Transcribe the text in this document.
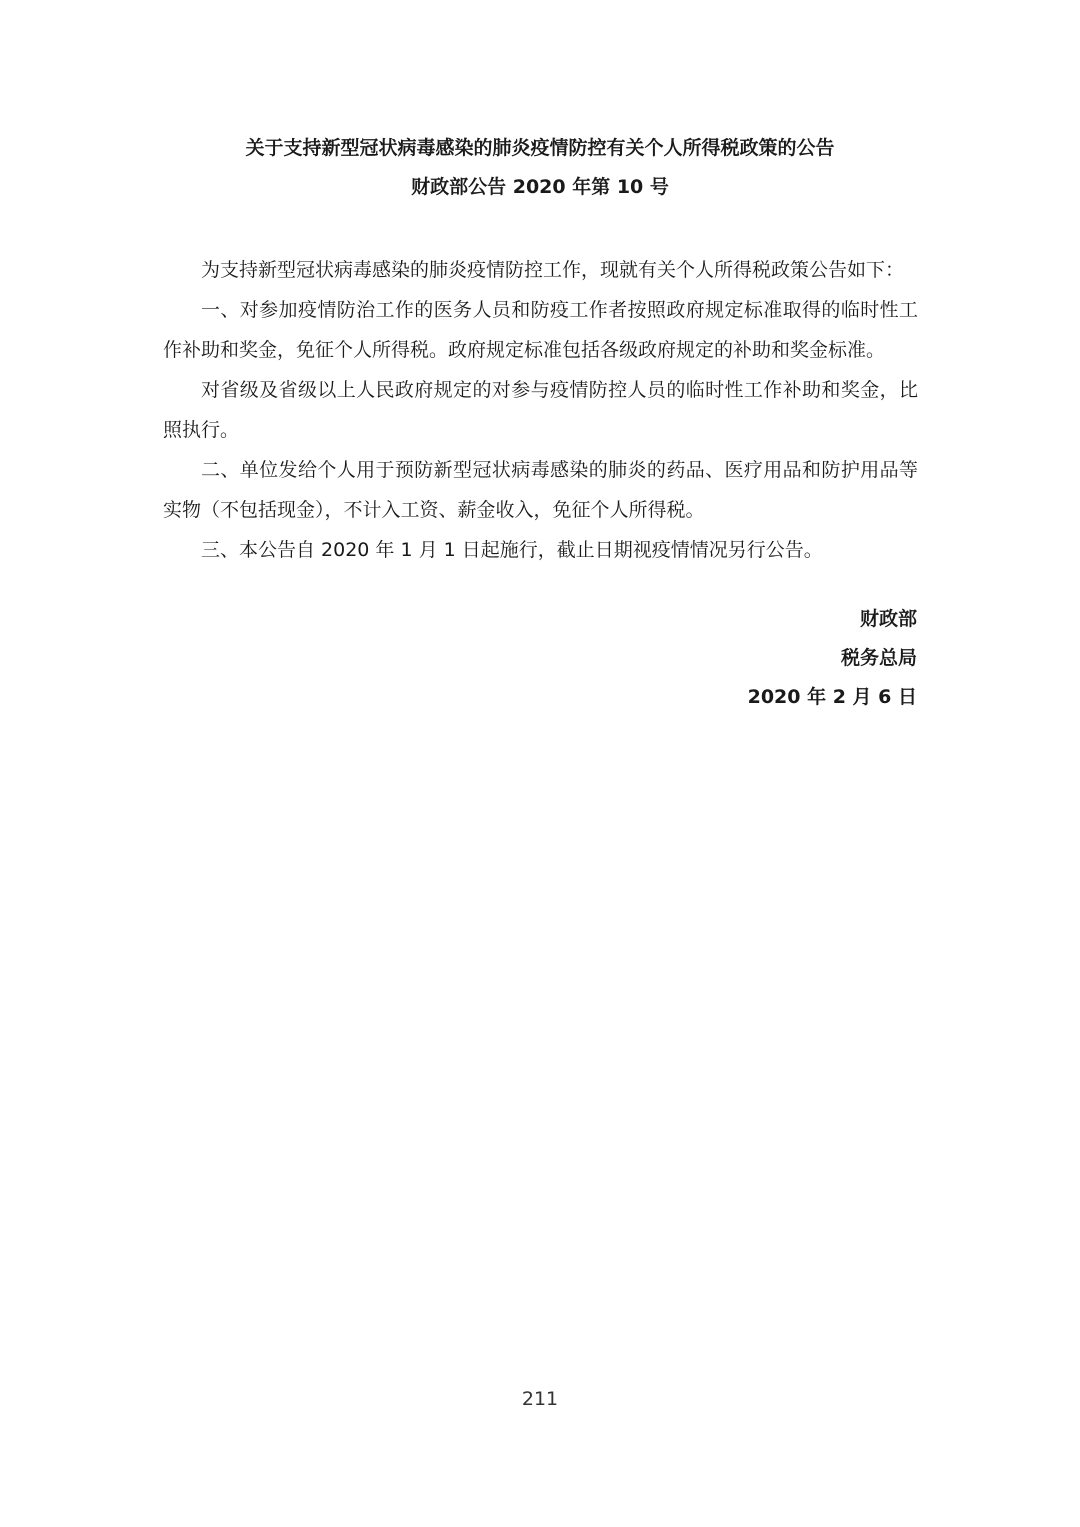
关于支持新型冠状病毒感染的肺炎疫情防控有关个人所得税政策的公告
财政部公告 2020 年第 10 号

为支持新型冠状病毒感染的肺炎疫情防控工作，现就有关个人所得税政策公告如下：

一、对参加疫情防治工作的医务人员和防疫工作者按照政府规定标准取得的临时性工作补助和奖金，免征个人所得税。政府规定标准包括各级政府规定的补助和奖金标准。

对省级及省级以上人民政府规定的对参与疫情防控人员的临时性工作补助和奖金，比照执行。

二、单位发给个人用于预防新型冠状病毒感染的肺炎的药品、医疗用品和防护用品等实物（不包括现金），不计入工资、薪金收入，免征个人所得税。

三、本公告自 2020 年 1 月 1 日起施行，截止日期视疫情情况另行公告。

财政部
税务总局
2020 年 2 月 6 日
211
